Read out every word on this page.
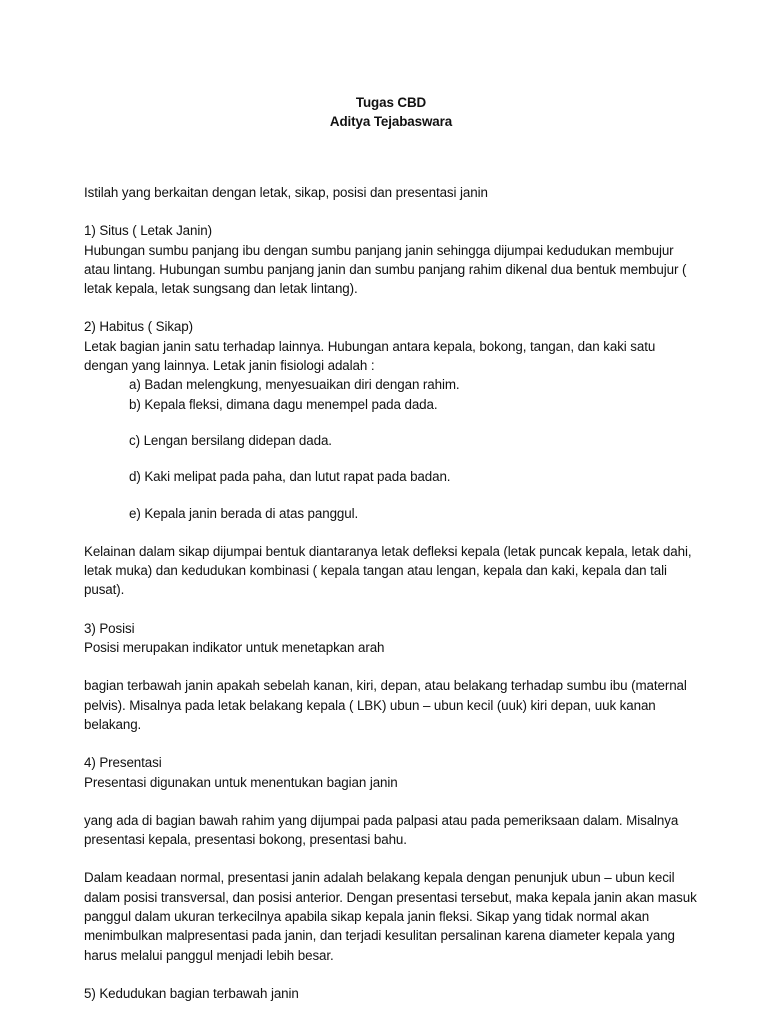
Tugas CBD
Aditya Tejabaswara

Istilah yang berkaitan dengan letak, sikap, posisi dan presentasi janin

1) Situs ( Letak Janin)

Hubungan sumbu panjang ibu dengan sumbu panjang janin sehingga dijumpai kedudukan membujur atau lintang. Hubungan sumbu panjang janin dan sumbu panjang rahim dikenal dua bentuk membujur ( letak kepala, letak sungsang dan letak lintang).

2) Habitus ( Sikap)

Letak bagian janin satu terhadap lainnya. Hubungan antara kepala, bokong, tangan, dan kaki satu dengan yang lainnya. Letak janin fisiologi adalah :

a) Badan melengkung, menyesuaikan diri dengan rahim.

b) Kepala fleksi, dimana dagu menempel pada dada.

c) Lengan bersilang didepan dada.

d) Kaki melipat pada paha, dan lutut rapat pada badan.

e) Kepala janin berada di atas panggul.

Kelainan dalam sikap dijumpai bentuk diantaranya letak defleksi kepala (letak puncak kepala, letak dahi, letak muka) dan kedudukan kombinasi ( kepala tangan atau lengan, kepala dan kaki, kepala dan tali pusat).

3) Posisi

Posisi merupakan indikator untuk menetapkan arah

bagian terbawah janin apakah sebelah kanan, kiri, depan, atau belakang terhadap sumbu ibu (maternal pelvis). Misalnya pada letak belakang kepala ( LBK) ubun – ubun kecil (uuk) kiri depan, uuk kanan belakang.

4) Presentasi

Presentasi digunakan untuk menentukan bagian janin

yang ada di bagian bawah rahim yang dijumpai pada palpasi atau pada pemeriksaan dalam. Misalnya presentasi kepala, presentasi bokong, presentasi bahu.

Dalam keadaan normal, presentasi janin adalah belakang kepala dengan penunjuk ubun – ubun kecil dalam posisi transversal, dan posisi anterior. Dengan presentasi tersebut, maka kepala janin akan masuk panggul dalam ukuran terkecilnya apabila sikap kepala janin fleksi. Sikap yang tidak normal akan menimbulkan malpresentasi pada janin, dan terjadi kesulitan persalinan karena diameter kepala yang harus melalui panggul menjadi lebih besar.

5) Kedudukan bagian terbawah janin
